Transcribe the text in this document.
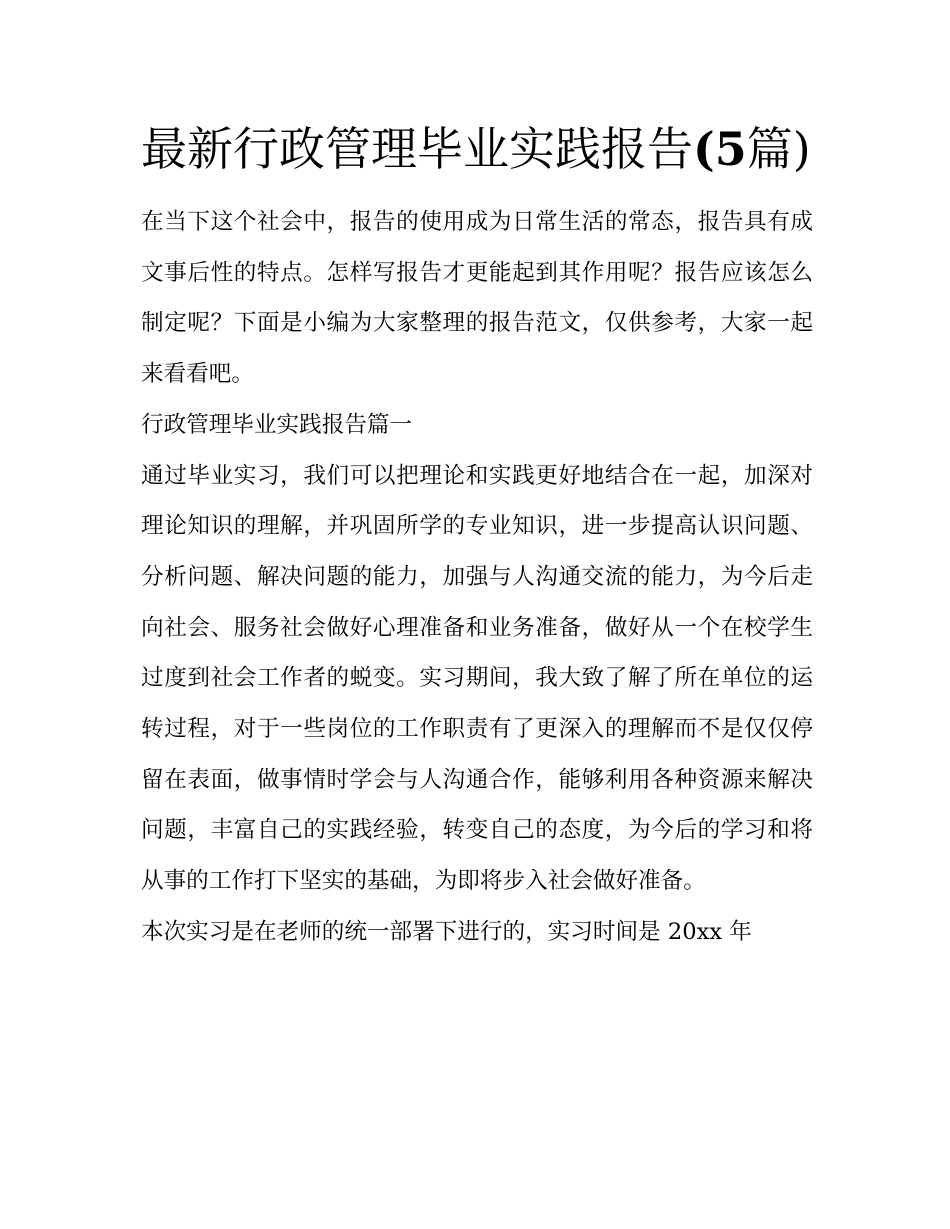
最新行政管理毕业实践报告(5篇)

在当下这个社会中，报告的使用成为日常生活的常态，报告具有成文事后性的特点。怎样写报告才更能起到其作用呢？报告应该怎么制定呢？下面是小编为大家整理的报告范文，仅供参考，大家一起来看看吧。

行政管理毕业实践报告篇一

通过毕业实习，我们可以把理论和实践更好地结合在一起，加深对理论知识的理解，并巩固所学的专业知识，进一步提高认识问题、分析问题、解决问题的能力，加强与人沟通交流的能力，为今后走向社会、服务社会做好心理准备和业务准备，做好从一个在校学生过度到社会工作者的蜕变。实习期间，我大致了解了所在单位的运转过程，对于一些岗位的工作职责有了更深入的理解而不是仅仅停留在表面，做事情时学会与人沟通合作，能够利用各种资源来解决问题，丰富自己的实践经验，转变自己的态度，为今后的学习和将从事的工作打下坚实的基础，为即将步入社会做好准备。

本次实习是在老师的统一部署下进行的，实习时间是 20xx 年
